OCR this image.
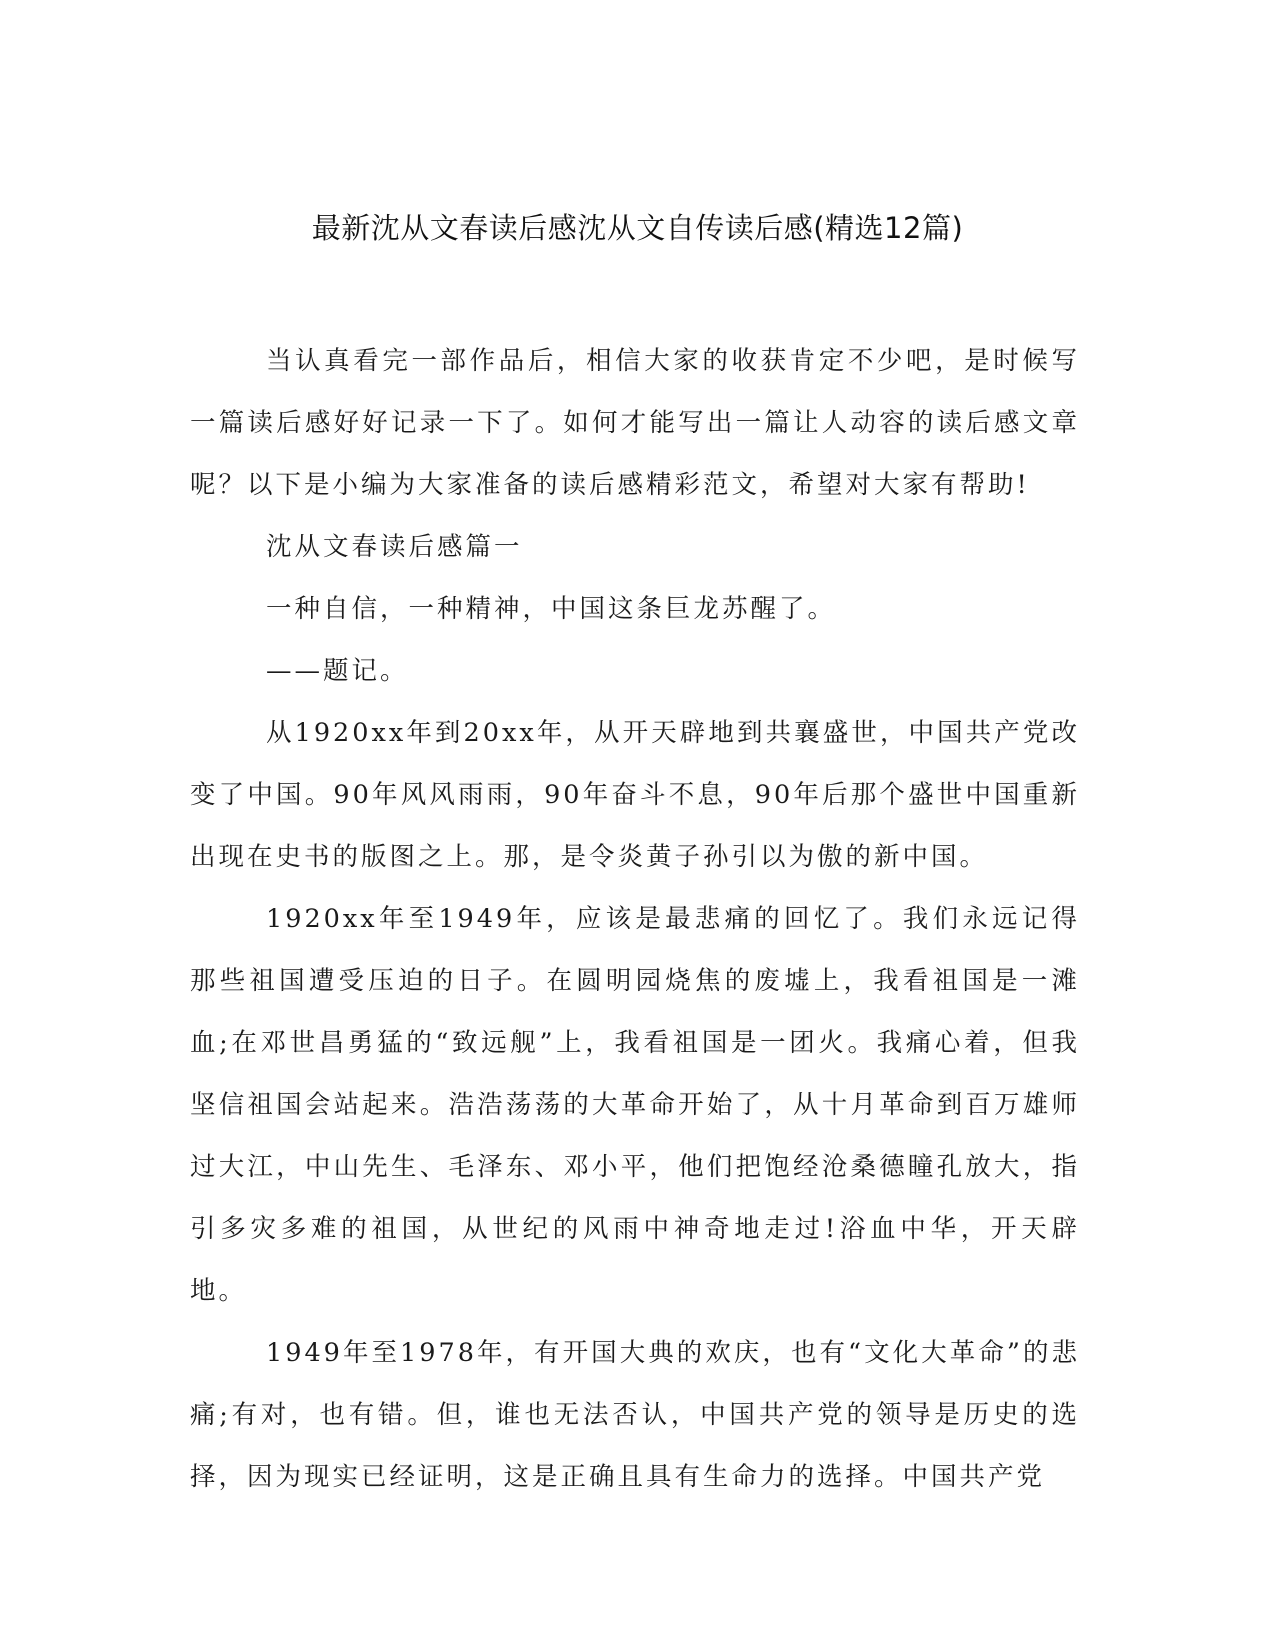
最新沈从文春读后感沈从文自传读后感(精选12篇)

当认真看完一部作品后，相信大家的收获肯定不少吧，是时候写一篇读后感好好记录一下了。如何才能写出一篇让人动容的读后感文章呢？以下是小编为大家准备的读后感精彩范文，希望对大家有帮助!

沈从文春读后感篇一

一种自信，一种精神，中国这条巨龙苏醒了。

——题记。

从1920xx年到20xx年，从开天辟地到共襄盛世，中国共产党改变了中国。90年风风雨雨，90年奋斗不息，90年后那个盛世中国重新出现在史书的版图之上。那，是令炎黄子孙引以为傲的新中国。

1920xx年至1949年，应该是最悲痛的回忆了。我们永远记得那些祖国遭受压迫的日子。在圆明园烧焦的废墟上，我看祖国是一滩血;在邓世昌勇猛的“致远舰”上，我看祖国是一团火。我痛心着，但我坚信祖国会站起来。浩浩荡荡的大革命开始了，从十月革命到百万雄师过大江，中山先生、毛泽东、邓小平，他们把饱经沧桑德瞳孔放大，指引多灾多难的祖国，从世纪的风雨中神奇地走过!浴血中华，开天辟地。

1949年至1978年，有开国大典的欢庆，也有“文化大革命”的悲痛;有对，也有错。但，谁也无法否认，中国共产党的领导是历史的选择，因为现实已经证明，这是正确且具有生命力的选择。中国共产党
